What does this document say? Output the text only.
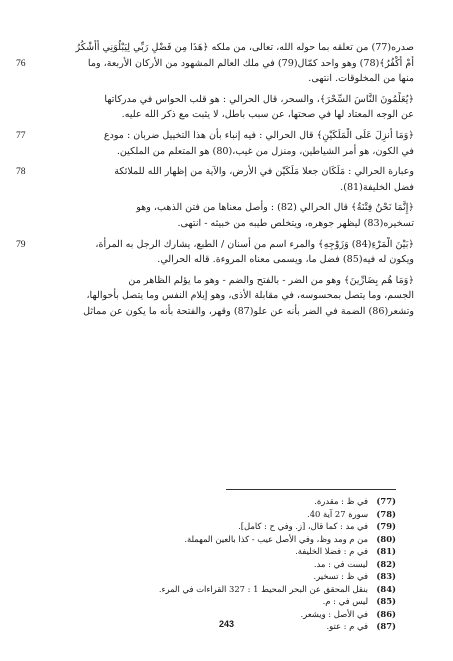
صدره(77) من تعلقه بما حوله الله، تعالى، من ملكه ﴿هَذَا مِن فَضْلِ رَبِّي لِيَبْلُوَنِي أَأَشْكُرُ
76	أَمْ أَكْفُرُ﴾(78) وهو واحد كمّال(79) في ملك العالم المشهود من الأركان الأربعة، وما
منها من المخلوقات. انتهى.
﴿يُعَلِّمُونَ النَّاسَ السِّحْرَ﴾، والسحر، قال الحرالي : هو قلب الحواس في مدركاتها
عن الوجه المعتاد لها في صحتها، عن سبب باطل، لا يثبت مع ذكر الله عليه.
77	﴿وَمَا أُنزِلَ عَلَى الْمَلَكَيْنِ﴾ قال الحرالي : فيه إنباء بأن هذا التخييل ضربان : مودع
في الكون، هو أمر الشياطين، ومنزل من غيب،(80) هو المتعلم من الملكين.
78	وعبارة الحرالي : مَلَكَان جعلا مَلَكَيْن في الأرض، والآية من إظهار الله للملائكة
فضل الخليفة(81).
﴿إِنَّمَا نَحْنُ فِتْنَةٌ﴾ قال الحرالي (82) : وأصل معناها من فتن الذهب، وهو
تسخيره(83) ليظهر جوهره، ويتخلص طيبه من خبيثه - انتهى.
79	﴿بَيْنَ الْمَرْءِ(84) وَزَوْجِهِ﴾ والمرء اسم من أسنان / الطبع، يشارك الرجل به المرأة،
ويكون له فيه(85) فضل ما، ويسمى معناه المروءة. قاله الحرالي.
﴿وَمَا هُم بِضَارِّينَ﴾ وهو من الضر - بالفتح والضم - وهو ما يؤلم الظاهر من
الجسم، وما يتصل بمحسوسه، في مقابلة الأذى، وهو إيلام النفس وما يتصل بأحوالها،
وتشعر(86) الضمة في الضر بأنه عن علو(87) وقهر، والفتحة بأنه ما يكون عن مماثل
(77)في ظ : مقدرة.
(78)سورة 27 آية 40.
(79)في مد : كما قال، [ز. وفي ح : كامل].
(80)من م ومد وظ، وفي الأصل عيب - كذا بالعين المهملة.
(81)في م : فضلا الخليفة.
(82)ليست في : مد.
(83)في ظ : تسخير.
(84)بنقل المحقق عن البحر المحيط 1 : 327 القراءات في المرء.
(85)ليس في : م.
(86)في الأصل : ويشعر.
(87)في م : عتو.
243
